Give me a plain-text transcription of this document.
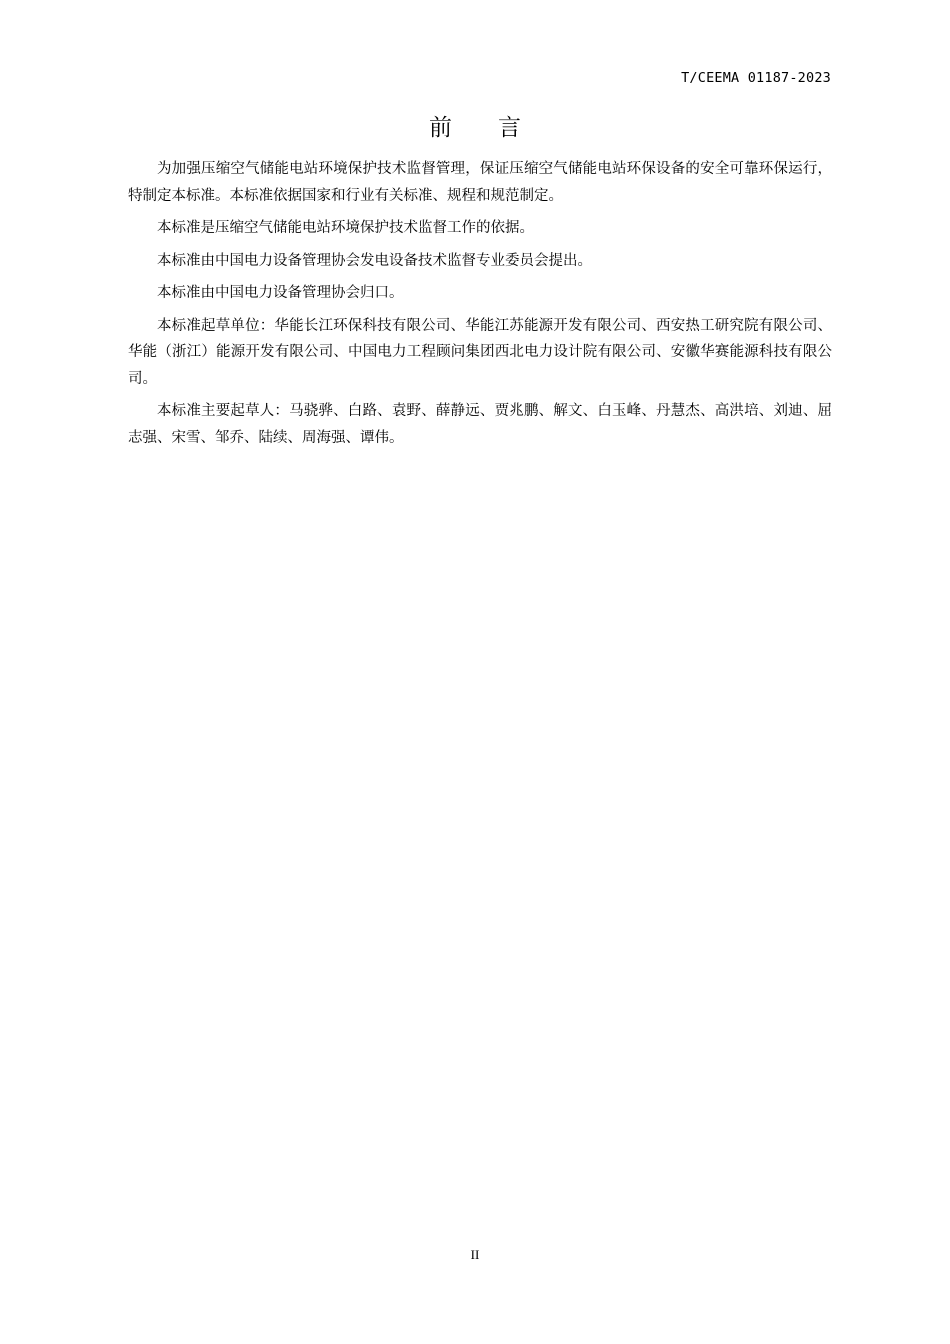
T/CEEMA 01187-2023
前言

为加强压缩空气储能电站环境保护技术监督管理，保证压缩空气储能电站环保设备的安全可靠环保运行，特制定本标准。本标准依据国家和行业有关标准、规程和规范制定。

本标准是压缩空气储能电站环境保护技术监督工作的依据。

本标准由中国电力设备管理协会发电设备技术监督专业委员会提出。

本标准由中国电力设备管理协会归口。

本标准起草单位：华能长江环保科技有限公司、华能江苏能源开发有限公司、西安热工研究院有限公司、华能（浙江）能源开发有限公司、中国电力工程顾问集团西北电力设计院有限公司、安徽华赛能源科技有限公司。

本标准主要起草人：马骁骅、白路、袁野、薛静远、贾兆鹏、解文、白玉峰、丹慧杰、高洪培、刘迪、屈志强、宋雪、邹乔、陆续、周海强、谭伟。

II
